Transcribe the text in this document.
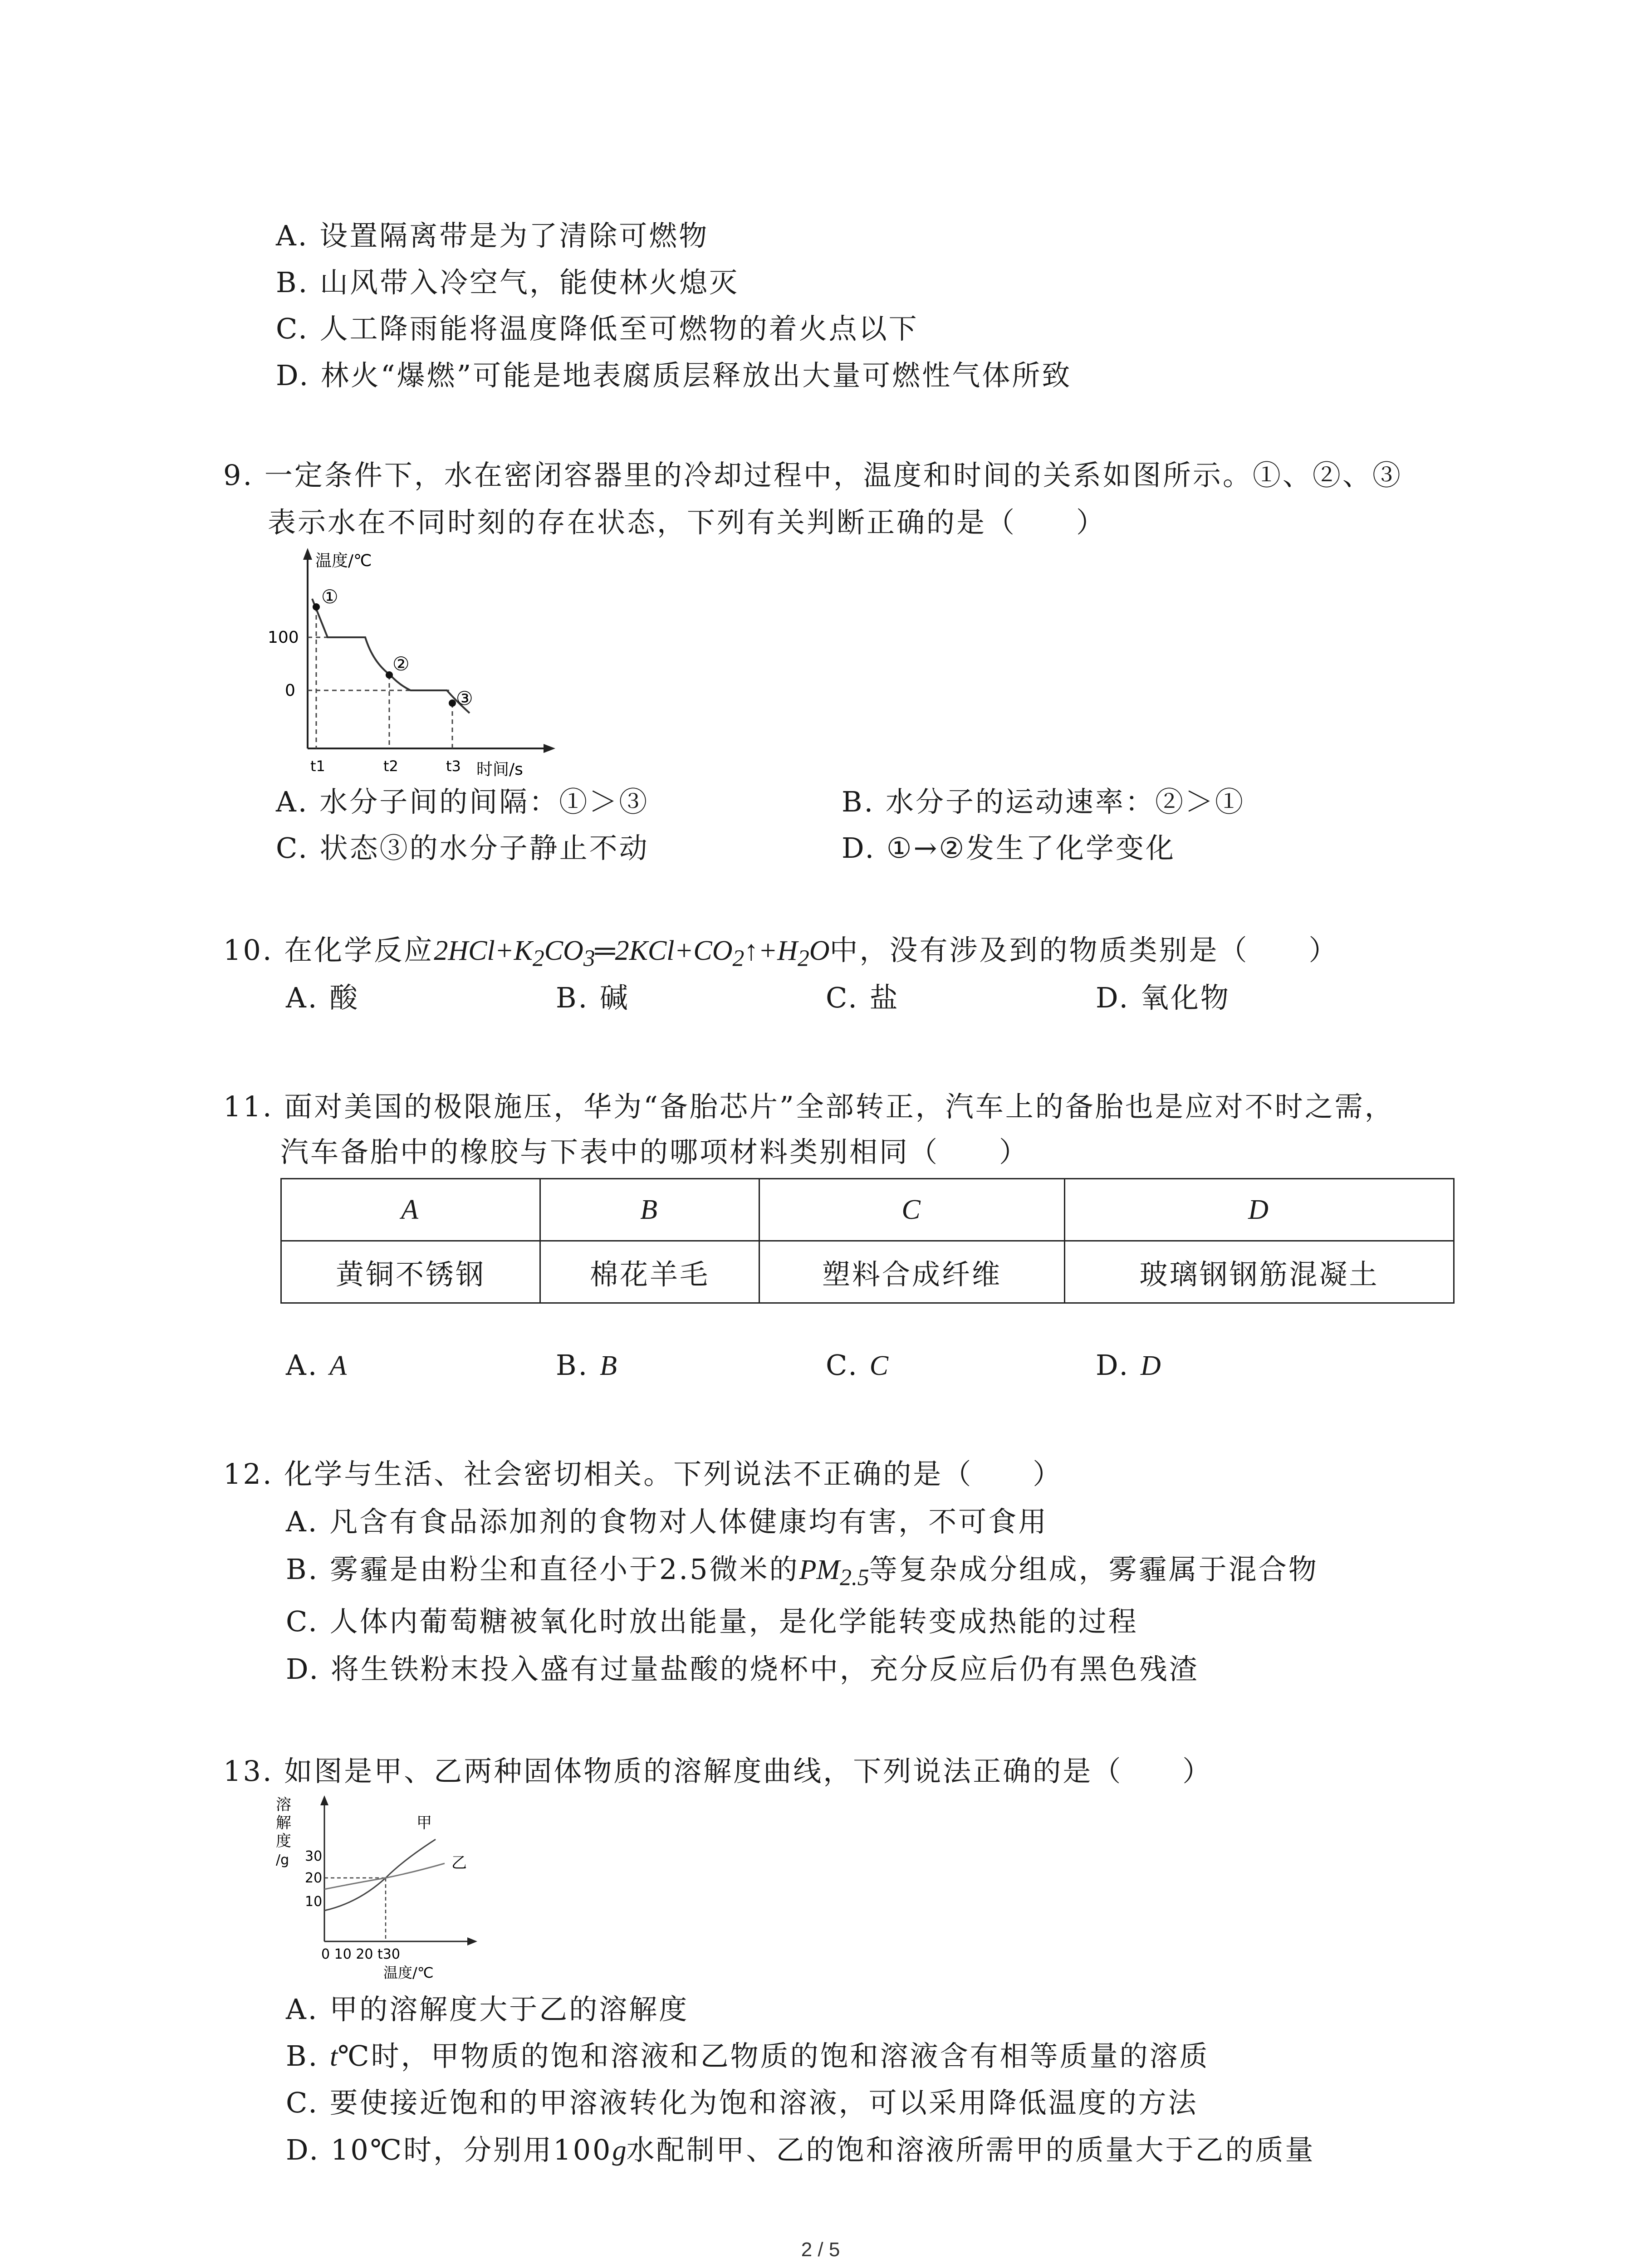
A. 设置隔离带是为了清除可燃物
B. 山风带入冷空气，能使林火熄灭
C. 人工降雨能将温度降低至可燃物的着火点以下
D. 林火“爆燃”可能是地表腐质层释放出大量可燃性气体所致
9. 一定条件下，水在密闭容器里的冷却过程中，温度和时间的关系如图所示。①、②、③
表示水在不同时刻的存在状态，下列有关判断正确的是（　　）
①
②
③
温度/℃
100
0
t1	t2	t3 时间/s
A. 水分子间的间隔：①＞③	B. 水分子的运动速率：②＞①
C. 状态③的水分子静止不动	D. ①→②发生了化学变化
10. 在化学反应$2HCl+K_2CO_3═2KCl+CO_2↑+H_2O$中，没有涉及到的物质类别是（　　）
A. 酸	B. 碱	C. 盐	D. 氧化物
11. 面对美国的极限施压，华为“备胎芯片”全部转正，汽车上的备胎也是应对不时之需，
汽车备胎中的橡胶与下表中的哪项材料类别相同（　　）
A	B	C	D
黄铜不锈钢	棉花羊毛	塑料合成纤维	玻璃钢钢筋混凝土
A. A	B. B	C. C	D. D
12. 化学与生活、社会密切相关。下列说法不正确的是（　　）
A. 凡含有食品添加剂的食物对人体健康均有害，不可食用
B. 雾霾是由粉尘和直径小于2.5微米的$PM_{2.5}$等复杂成分组成，雾霾属于混合物
C. 人体内葡萄糖被氧化时放出能量，是化学能转变成热能的过程
D. 将生铁粉末投入盛有过量盐酸的烧杯中，充分反应后仍有黑色残渣
13. 如图是甲、乙两种固体物质的溶解度曲线，下列说法正确的是（　　）
溶
解
度
/g 30
20
10
甲
乙
0 10 20 t30
温度/℃
A. 甲的溶解度大于乙的溶解度
B. t℃时，甲物质的饱和溶液和乙物质的饱和溶液含有相等质量的溶质
C. 要使接近饱和的甲溶液转化为饱和溶液，可以采用降低温度的方法
D. 10℃时，分别用100g水配制甲、乙的饱和溶液所需甲的质量大于乙的质量
2 / 5
